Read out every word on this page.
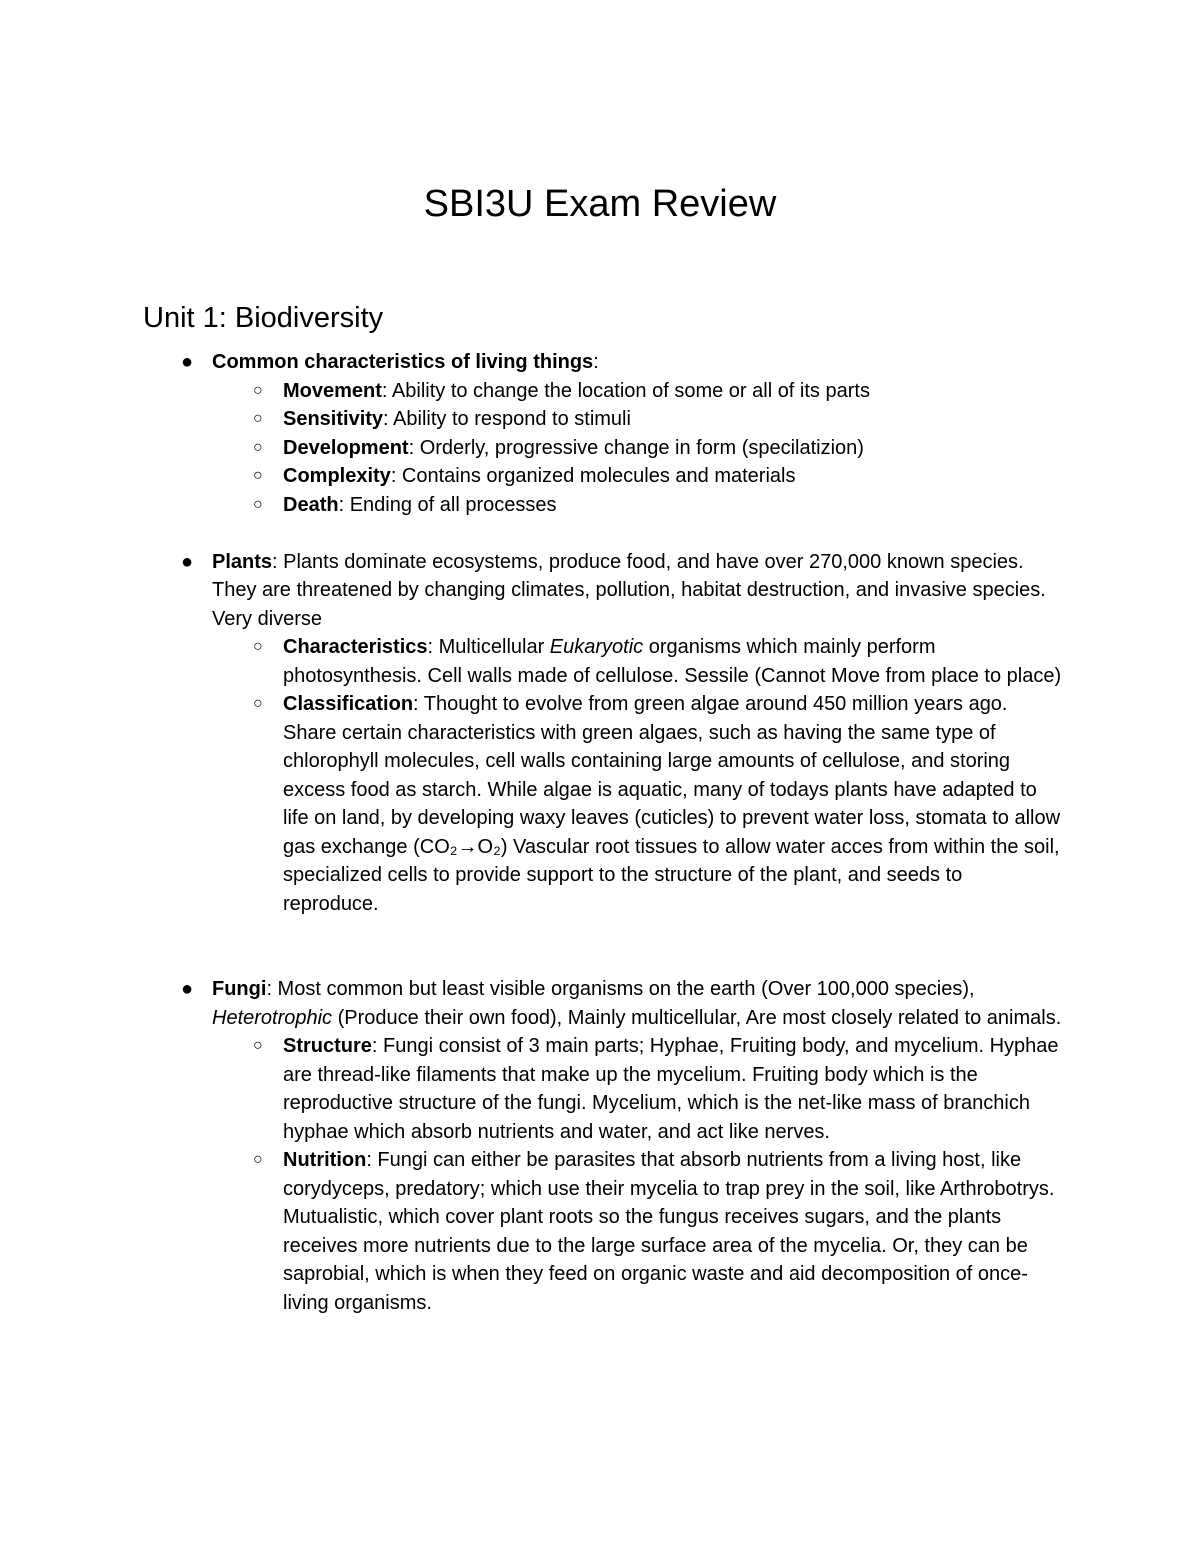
SBI3U Exam Review
Unit 1: Biodiversity
● Common characteristics of living things:
○ Movement: Ability to change the location of some or all of its parts
○ Sensitivity: Ability to respond to stimuli
○ Development: Orderly, progressive change in form (specilatizion)
○ Complexity: Contains organized molecules and materials
○ Death: Ending of all processes
● Plants: Plants dominate ecosystems, produce food, and have over 270,000 known species. They are threatened by changing climates, pollution, habitat destruction, and invasive species. Very diverse
○ Characteristics: Multicellular Eukaryotic organisms which mainly perform photosynthesis. Cell walls made of cellulose. Sessile (Cannot Move from place to place)
○ Classification: Thought to evolve from green algae around 450 million years ago. Share certain characteristics with green algaes, such as having the same type of chlorophyll molecules, cell walls containing large amounts of cellulose, and storing excess food as starch. While algae is aquatic, many of todays plants have adapted to life on land, by developing waxy leaves (cuticles) to prevent water loss, stomata to allow gas exchange (CO₂→O₂) Vascular root tissues to allow water acces from within the soil, specialized cells to provide support to the structure of the plant, and seeds to reproduce.
● Fungi: Most common but least visible organisms on the earth (Over 100,000 species), Heterotrophic (Produce their own food), Mainly multicellular, Are most closely related to animals.
○ Structure: Fungi consist of 3 main parts; Hyphae, Fruiting body, and mycelium. Hyphae are thread-like filaments that make up the mycelium. Fruiting body which is the reproductive structure of the fungi. Mycelium, which is the net-like mass of branchich hyphae which absorb nutrients and water, and act like nerves.
○ Nutrition: Fungi can either be parasites that absorb nutrients from a living host, like corydyceps, predatory; which use their mycelia to trap prey in the soil, like Arthrobotrys. Mutualistic, which cover plant roots so the fungus receives sugars, and the plants receives more nutrients due to the large surface area of the mycelia. Or, they can be saprobial, which is when they feed on organic waste and aid decomposition of once-living organisms.
